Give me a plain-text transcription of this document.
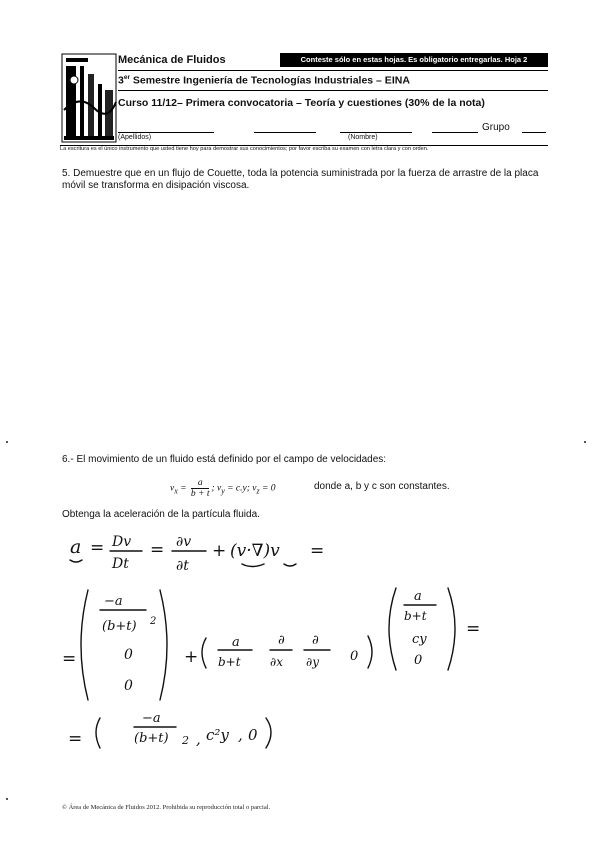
Mecánica de Fluidos	Conteste sólo en estas hojas. Es obligatorio entregarlas. Hoja 2
3er Semestre Ingeniería de Tecnologías Industriales – EINA
Curso 11/12– Primera convocatoria – Teoría y cuestiones (30% de la nota)
Grupo
(Apellidos)	(Nombre)
La escritura es el único instrumento que usted tiene hoy para demostrar sus conocimientos; por favor escriba su examen con letra clara y con orden.
5. Demuestre que en un flujo de Couette, toda la potencia suministrada por la fuerza de arrastre de la placa móvil se transforma en disipación viscosa.
6.- El movimiento de un fluido está definido por el campo de velocidades:
$v_x = \frac{a}{b + t}$ ; $v_y = c.y$; $v_z = 0$	donde a, b y c son constantes.
Obtenga la aceleración de la partícula fluida.
a = Dv
Dt
= ∂v
∂t
+ (v·∇)v =
=
−a
(b+t) 2
0
0
+
a
b+t
∂
∂x
∂
∂y 0
a
b+t
cy
0
=
=
−a
(b+t) 2 , c²y , 0
© Área de Mecánica de Fluidos 2012. Prohibida su reproducción total o parcial.
